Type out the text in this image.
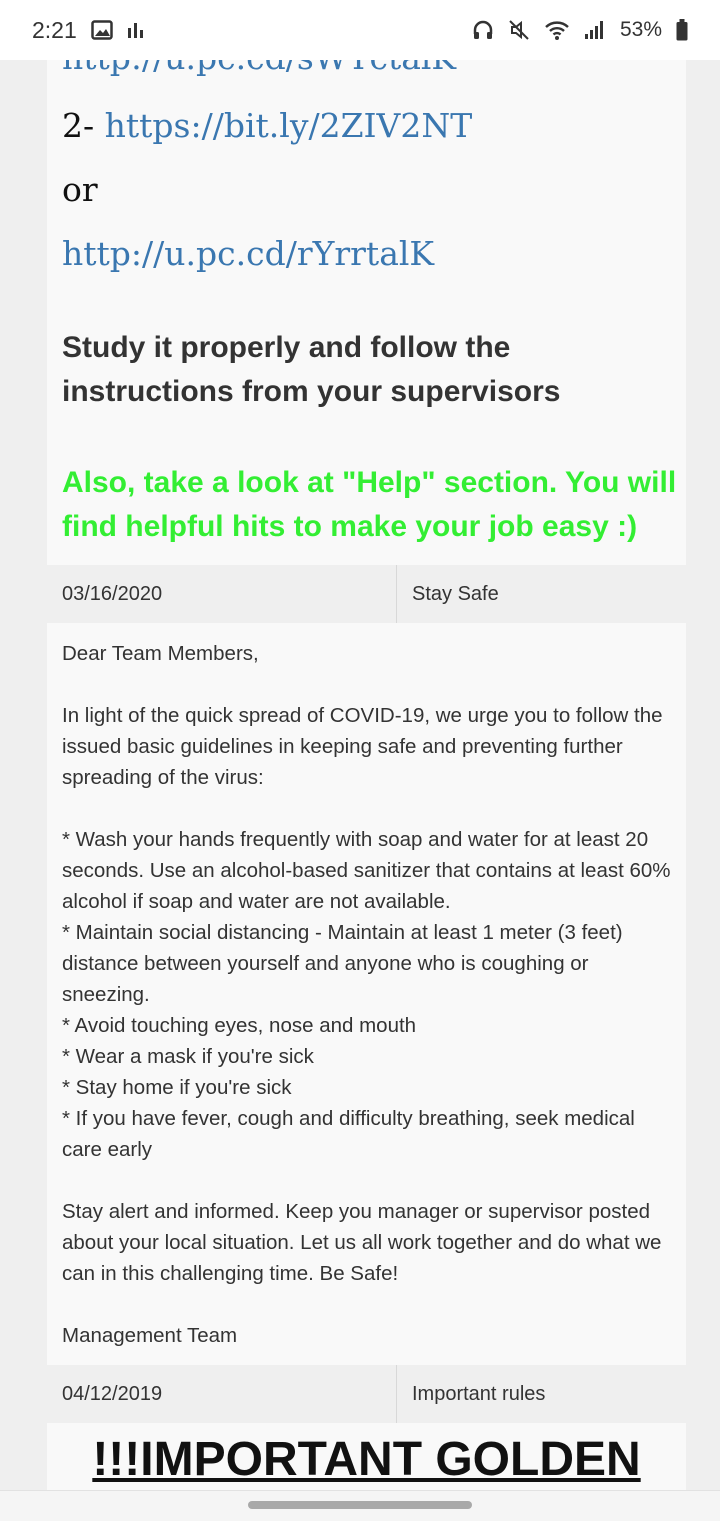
2:21	53%
2- https://bit.ly/2ZIV2NT
or
http://u.pc.cd/rYrrtalK
Study it properly and follow the instructions from your supervisors
Also, take a look at "Help" section. You will find helpful hits to make your job easy :)
03/16/2020	Stay Safe

Dear Team Members,

In light of the quick spread of COVID-19, we urge you to follow the issued basic guidelines in keeping safe and preventing further spreading of the virus:

* Wash your hands frequently with soap and water for at least 20 seconds. Use an alcohol-based sanitizer that contains at least 60% alcohol if soap and water are not available.

* Maintain social distancing - Maintain at least 1 meter (3 feet) distance between yourself and anyone who is coughing or sneezing.

* Avoid touching eyes, nose and mouth

* Wear a mask if you're sick

* Stay home if you're sick

* If you have fever, cough and difficulty breathing, seek medical care early

Stay alert and informed. Keep you manager or supervisor posted about your local situation. Let us all work together and do what we can in this challenging time. Be Safe!

Management Team

04/12/2019	Important rules
!!!IMPORTANT GOLDEN
